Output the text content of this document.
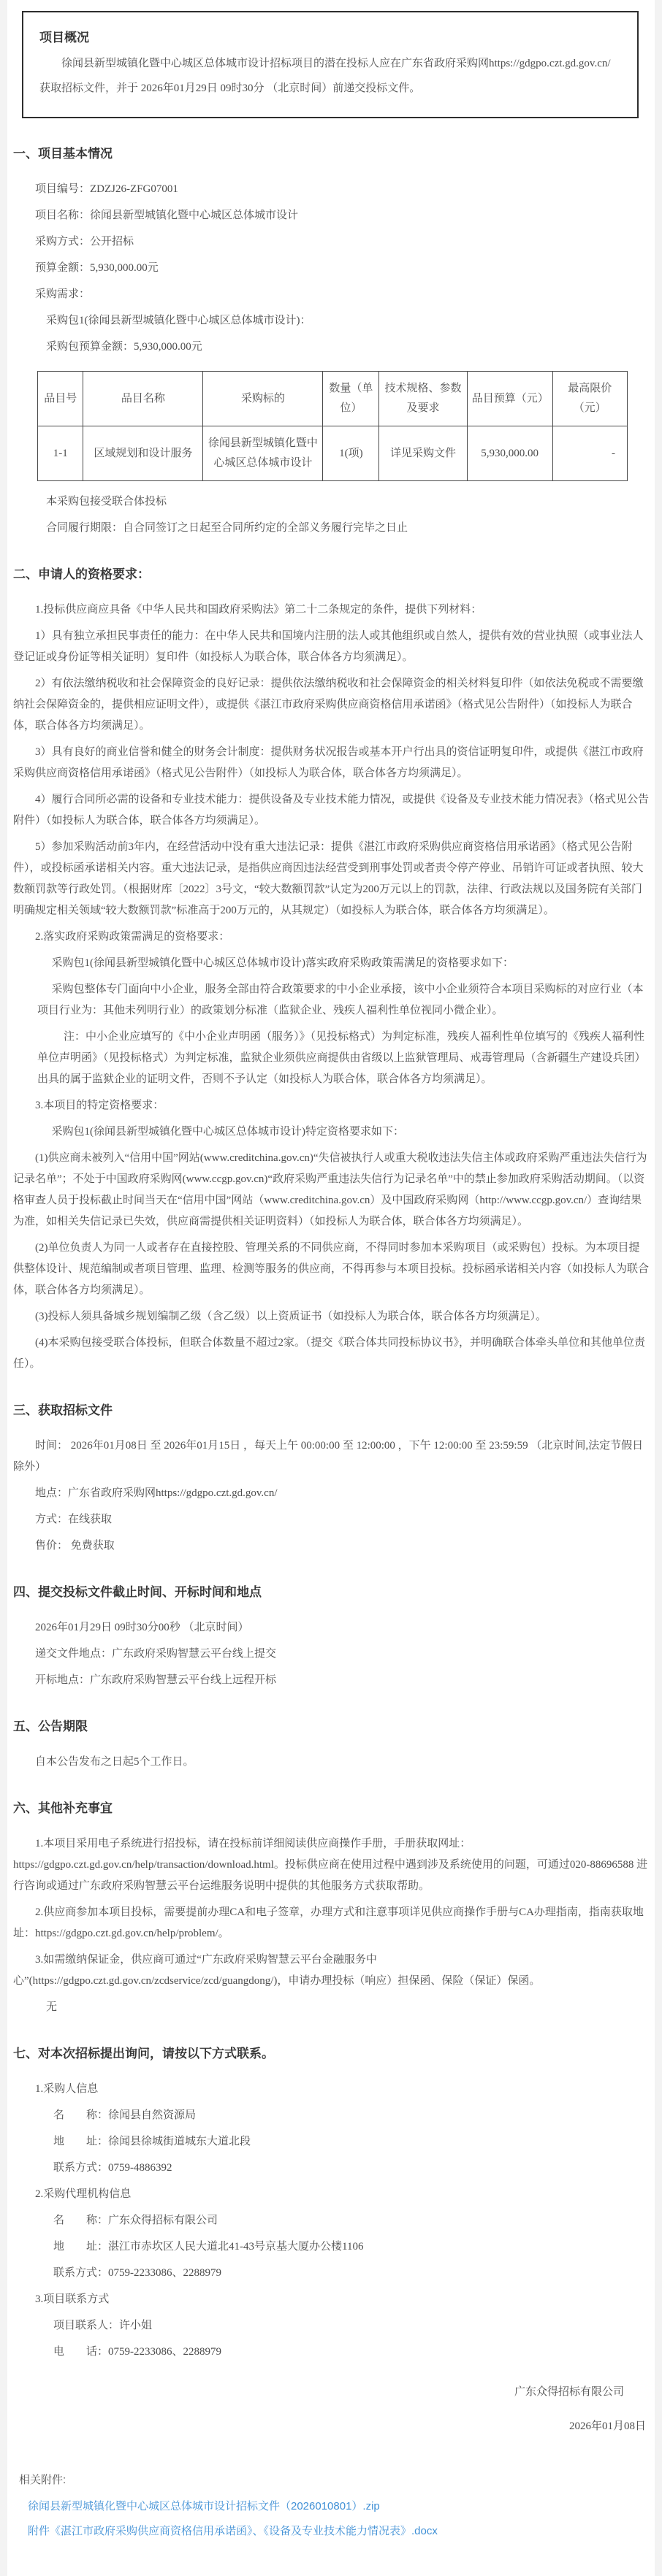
项目概况

徐闻县新型城镇化暨中心城区总体城市设计招标项目的潜在投标人应在广东省政府采购网https://gdgpo.czt.gd.gov.cn/获取招标文件，并于 2026年01月29日 09时30分 （北京时间）前递交投标文件。

一、项目基本情况

项目编号：ZDZJ26-ZFG07001

项目名称：徐闻县新型城镇化暨中心城区总体城市设计

采购方式：公开招标

预算金额：5,930,000.00元

采购需求：

采购包1(徐闻县新型城镇化暨中心城区总体城市设计)：

采购包预算金额：5,930,000.00元

品目号	品目名称	采购标的	数量（单位）	技术规格、参数及要求	品目预算（元）	最高限价（元）
1-1	区域规划和设计服务	徐闻县新型城镇化暨中心城区总体城市设计	1(项)	详见采购文件	5,930,000.00	-

本采购包接受联合体投标

合同履行期限：自合同签订之日起至合同所约定的全部义务履行完毕之日止

二、申请人的资格要求：

1.投标供应商应具备《中华人民共和国政府采购法》第二十二条规定的条件，提供下列材料：

1）具有独立承担民事责任的能力：在中华人民共和国境内注册的法人或其他组织或自然人，提供有效的营业执照（或事业法人登记证或身份证等相关证明）复印件（如投标人为联合体，联合体各方均须满足）。

2）有依法缴纳税收和社会保障资金的良好记录：提供依法缴纳税收和社会保障资金的相关材料复印件（如依法免税或不需要缴纳社会保障资金的，提供相应证明文件），或提供《湛江市政府采购供应商资格信用承诺函》（格式见公告附件）（如投标人为联合体，联合体各方均须满足）。

3）具有良好的商业信誉和健全的财务会计制度：提供财务状况报告或基本开户行出具的资信证明复印件，或提供《湛江市政府采购供应商资格信用承诺函》（格式见公告附件）（如投标人为联合体，联合体各方均须满足）。

4）履行合同所必需的设备和专业技术能力：提供设备及专业技术能力情况，或提供《设备及专业技术能力情况表》（格式见公告附件）（如投标人为联合体，联合体各方均须满足）。

5）参加采购活动前3年内，在经营活动中没有重大违法记录：提供《湛江市政府采购供应商资格信用承诺函》（格式见公告附件），或投标函承诺相关内容。重大违法记录，是指供应商因违法经营受到刑事处罚或者责令停产停业、吊销许可证或者执照、较大数额罚款等行政处罚。（根据财库〔2022〕3号文，“较大数额罚款”认定为200万元以上的罚款，法律、行政法规以及国务院有关部门明确规定相关领域“较大数额罚款”标准高于200万元的，从其规定）（如投标人为联合体，联合体各方均须满足）。

2.落实政府采购政策需满足的资格要求：

采购包1(徐闻县新型城镇化暨中心城区总体城市设计)落实政府采购政策需满足的资格要求如下：

采购包整体专门面向中小企业，服务全部由符合政策要求的中小企业承接，该中小企业须符合本项目采购标的对应行业（本项目行业为：其他未列明行业）的政策划分标准（监狱企业、残疾人福利性单位视同小微企业）。

注：中小企业应填写的《中小企业声明函（服务）》（见投标格式）为判定标准，残疾人福利性单位填写的《残疾人福利性单位声明函》（见投标格式）为判定标准，监狱企业须供应商提供由省级以上监狱管理局、戒毒管理局（含新疆生产建设兵团）出具的属于监狱企业的证明文件，否则不予认定（如投标人为联合体，联合体各方均须满足）。

3.本项目的特定资格要求：

采购包1(徐闻县新型城镇化暨中心城区总体城市设计)特定资格要求如下：

(1)供应商未被列入“信用中国”网站(www.creditchina.gov.cn)“失信被执行人或重大税收违法失信主体或政府采购严重违法失信行为记录名单”；不处于中国政府采购网(www.ccgp.gov.cn)“政府采购严重违法失信行为记录名单”中的禁止参加政府采购活动期间。（以资格审查人员于投标截止时间当天在“信用中国”网站（www.creditchina.gov.cn）及中国政府采购网（http://www.ccgp.gov.cn/）查询结果为准，如相关失信记录已失效，供应商需提供相关证明资料）（如投标人为联合体，联合体各方均须满足）。

(2)单位负责人为同一人或者存在直接控股、管理关系的不同供应商，不得同时参加本采购项目（或采购包）投标。为本项目提供整体设计、规范编制或者项目管理、监理、检测等服务的供应商，不得再参与本项目投标。投标函承诺相关内容（如投标人为联合体，联合体各方均须满足）。

(3)投标人须具备城乡规划编制乙级（含乙级）以上资质证书（如投标人为联合体，联合体各方均须满足）。

(4)本采购包接受联合体投标，但联合体数量不超过2家。（提交《联合体共同投标协议书》，并明确联合体牵头单位和其他单位责任）。

三、获取招标文件

时间： 2026年01月08日 至 2026年01月15日 ，每天上午 00:00:00 至 12:00:00 ，下午 12:00:00 至 23:59:59 （北京时间,法定节假日除外）

地点：广东省政府采购网https://gdgpo.czt.gd.gov.cn/

方式：在线获取

售价： 免费获取

四、提交投标文件截止时间、开标时间和地点

2026年01月29日 09时30分00秒 （北京时间）

递交文件地点：广东政府采购智慧云平台线上提交

开标地点：广东政府采购智慧云平台线上远程开标

五、公告期限

自本公告发布之日起5个工作日。

六、其他补充事宜

1.本项目采用电子系统进行招投标，请在投标前详细阅读供应商操作手册，手册获取网址：https://gdgpo.czt.gd.gov.cn/help/transaction/download.html。投标供应商在使用过程中遇到涉及系统使用的问题，可通过020-88696588 进行咨询或通过广东政府采购智慧云平台运维服务说明中提供的其他服务方式获取帮助。

2.供应商参加本项目投标，需要提前办理CA和电子签章，办理方式和注意事项详见供应商操作手册与CA办理指南，指南获取地址：https://gdgpo.czt.gd.gov.cn/help/problem/。

3.如需缴纳保证金，供应商可通过“广东政府采购智慧云平台金融服务中心”(https://gdgpo.czt.gd.gov.cn/zcdservice/zcd/guangdong/)，申请办理投标（响应）担保函、保险（保证）保函。

无

七、对本次招标提出询问，请按以下方式联系。

1.采购人信息

名　　称：徐闻县自然资源局

地　　址：徐闻县徐城街道城东大道北段

联系方式：0759-4886392

2.采购代理机构信息

名　　称：广东众得招标有限公司

地　　址：湛江市赤坎区人民大道北41-43号京基大厦办公楼1106

联系方式：0759-2233086、2288979

3.项目联系方式

项目联系人：许小姐

电　　话：0759-2233086、2288979

广东众得招标有限公司

2026年01月08日

相关附件:

徐闻县新型城镇化暨中心城区总体城市设计招标文件（2026010801）.zip
附件《湛江市政府采购供应商资格信用承诺函》、《设备及专业技术能力情况表》.docx
